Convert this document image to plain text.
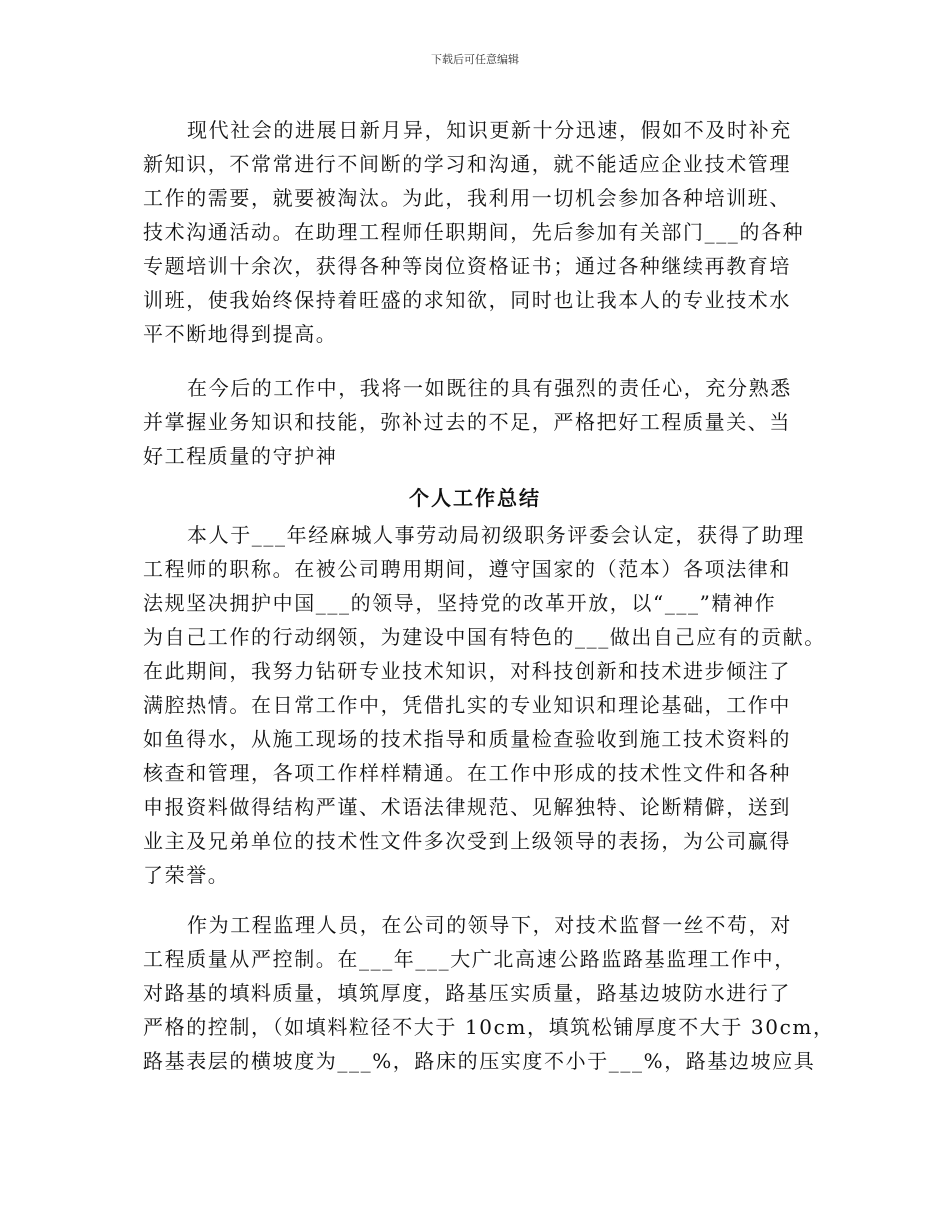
下载后可任意编辑
现代社会的进展日新月异，知识更新十分迅速，假如不及时补充
新知识，不常常进行不间断的学习和沟通，就不能适应企业技术管理
工作的需要，就要被淘汰。为此，我利用一切机会参加各种培训班、
技术沟通活动。在助理工程师任职期间，先后参加有关部门___的各种
专题培训十余次，获得各种等岗位资格证书；通过各种继续再教育培
训班，使我始终保持着旺盛的求知欲，同时也让我本人的专业技术水
平不断地得到提高。
在今后的工作中，我将一如既往的具有强烈的责任心，充分熟悉
并掌握业务知识和技能，弥补过去的不足，严格把好工程质量关、当
好工程质量的守护神
个人工作总结
本人于___年经麻城人事劳动局初级职务评委会认定，获得了助理
工程师的职称。在被公司聘用期间，遵守国家的（范本）各项法律和
法规坚决拥护中国___的领导，坚持党的改革开放，以“___”精神作
为自己工作的行动纲领，为建设中国有特色的___做出自己应有的贡献。
在此期间，我努力钻研专业技术知识，对科技创新和技术进步倾注了
满腔热情。在日常工作中，凭借扎实的专业知识和理论基础，工作中
如鱼得水，从施工现场的技术指导和质量检查验收到施工技术资料的
核查和管理，各项工作样样精通。在工作中形成的技术性文件和各种
申报资料做得结构严谨、术语法律规范、见解独特、论断精僻，送到
业主及兄弟单位的技术性文件多次受到上级领导的表扬，为公司赢得
了荣誉。
作为工程监理人员，在公司的领导下，对技术监督一丝不苟，对
工程质量从严控制。在___年___大广北高速公路监路基监理工作中，
对路基的填料质量，填筑厚度，路基压实质量，路基边坡防水进行了
严格的控制，（如填料粒径不大于 10cm，填筑松铺厚度不大于 30cm，
路基表层的横坡度为___%，路床的压实度不小于___%，路基边坡应具
